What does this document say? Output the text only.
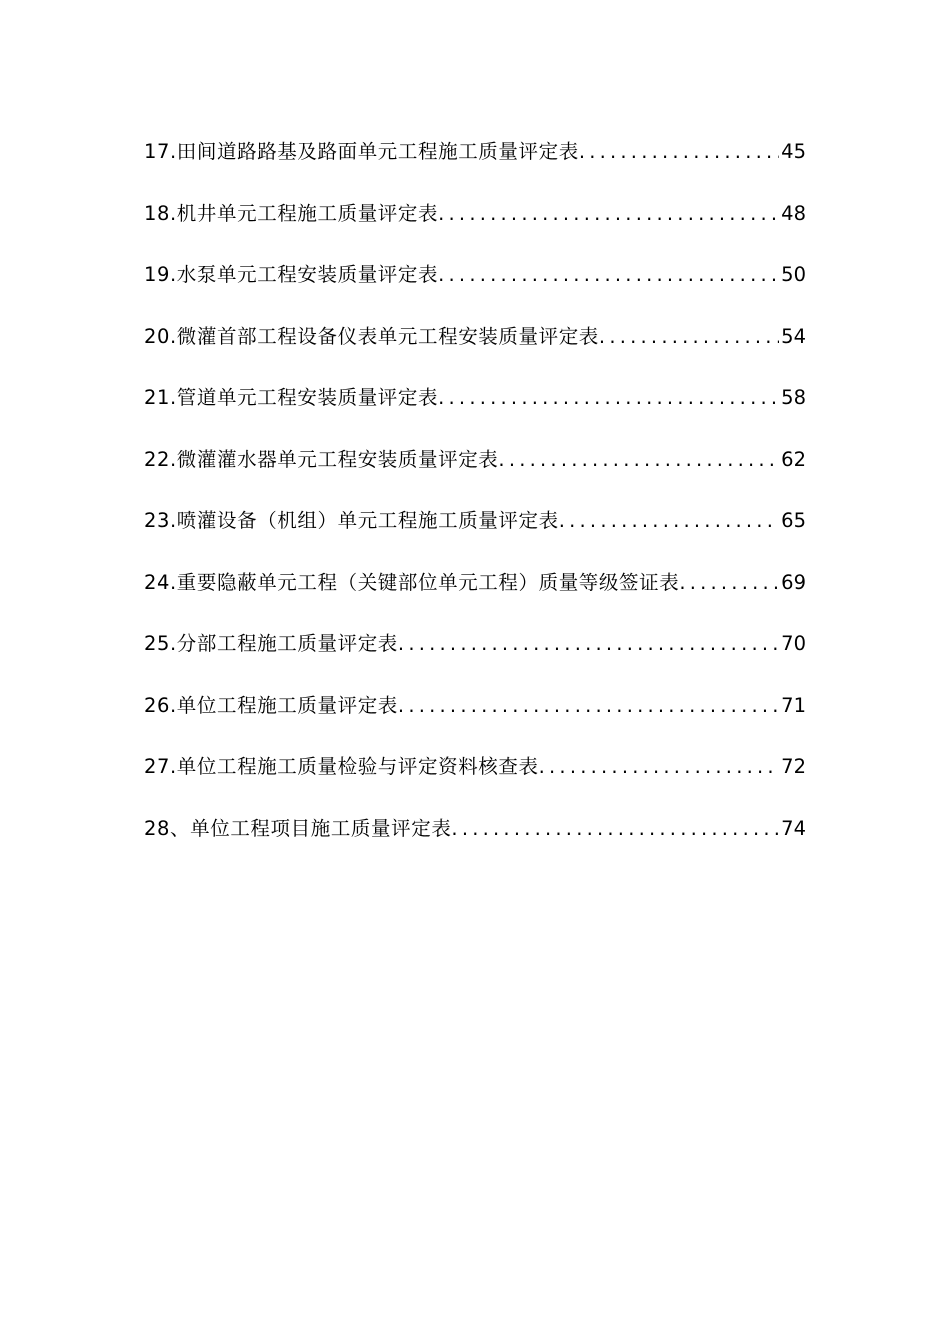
17.田间道路路基及路面单元工程施工质量评定表 .....	45
18.机井单元工程施工质量评定表 .....	48
19.水泵单元工程安装质量评定表 .....	50
20.微灌首部工程设备仪表单元工程安装质量评定表 .....	54
21.管道单元工程安装质量评定表 .....	58
22.微灌灌水器单元工程安装质量评定表 .....	62
23.喷灌设备（机组）单元工程施工质量评定表 .....	65
24.重要隐蔽单元工程（关键部位单元工程）质量等级签证表 .....	69
25.分部工程施工质量评定表 .....	70
26.单位工程施工质量评定表 .....	71
27.单位工程施工质量检验与评定资料核查表 .....	72
28、单位工程项目施工质量评定表 .....	74
